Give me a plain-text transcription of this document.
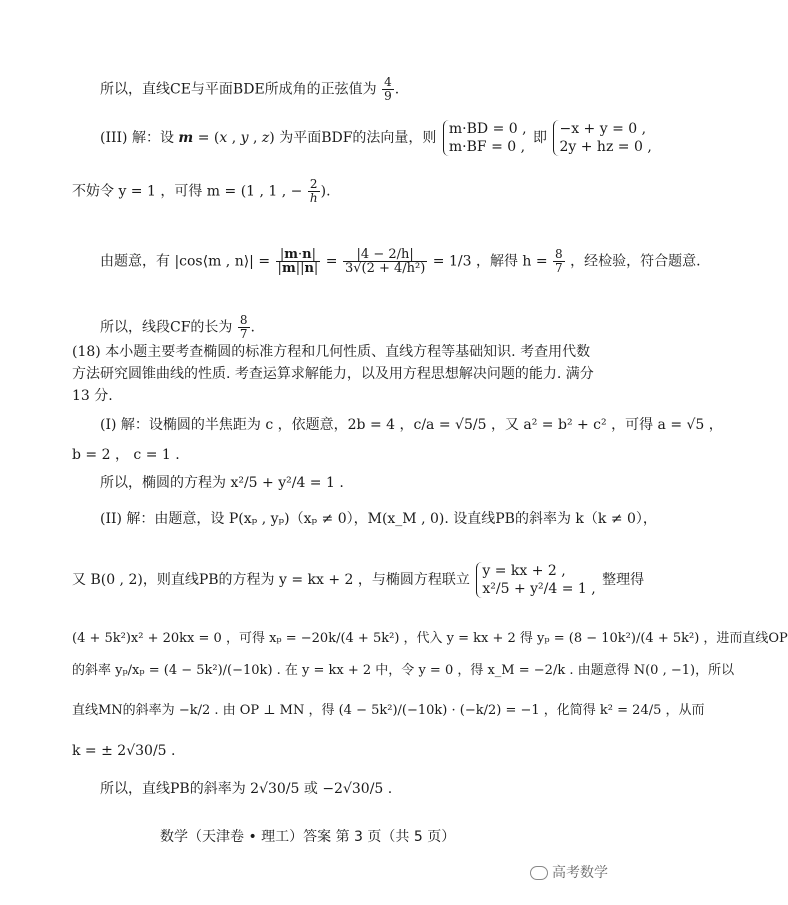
所以，直线CE与平面BDE所成角的正弦值为 $\frac{4}{9}$ .
(III) 解：设 m = (x , y , z) 为平面BDF的法向量，则
m·BD = 0 ,
m·BF = 0 ,
即
−x + y = 0 ,
2y + hz = 0 ,
不妨令 y = 1 ，可得 m = (1 , 1 , − $\frac{2}{h}$ ).
由题意，有 |cos⟨m , n⟩| = $\frac{|m\cdot n|}{|m||n|} = \frac{|4 - 2/h|}{\text{3√(2 + 4/h²)}} = 1/3$ ，解得 $h = \frac{8}{7}$ ，经检验，符合题意.
所以，线段CF的长为 $\frac{8}{7}$ .
(18) 本小题主要考查椭圆的标准方程和几何性质、直线方程等基础知识. 考查用代数
方法研究圆锥曲线的性质. 考查运算求解能力，以及用方程思想解决问题的能力. 满分
13 分.
(I) 解：设椭圆的半焦距为 c ，依题意，2b = 4 ，c/a = √5/5 ，又 a² = b² + c² ，可得 a = √5 ，
b = 2 ， c = 1 .
所以，椭圆的方程为 x²/5 + y²/4 = 1 .
(II) 解：由题意，设 P(xₚ , yₚ)（xₚ ≠ 0），M(x_M , 0). 设直线PB的斜率为 k（k ≠ 0），
又 B(0 , 2)，则直线PB的方程为 y = kx + 2 ，与椭圆方程联立
y = kx + 2 ,
x²/5 + y²/4 = 1 ,
整理得
(4 + 5k²)x² + 20kx = 0 ，可得 xₚ = −20k/(4 + 5k²) ，代入 y = kx + 2 得 yₚ = (8 − 10k²)/(4 + 5k²) ，进而直线OP
的斜率 yₚ/xₚ = (4 − 5k²)/(−10k) . 在 y = kx + 2 中，令 y = 0 ，得 x_M = −2/k . 由题意得 N(0 , −1)，所以
直线MN的斜率为 −k/2 . 由 OP ⊥ MN ，得 (4 − 5k²)/(−10k) · (−k/2) = −1 ，化简得 k² = 24/5 ，从而
k = ± 2√30/5 .
所以，直线PB的斜率为 2√30/5 或 −2√30/5 .
数学（天津卷 • 理工）答案 第 3 页（共 5 页）
高考数学
